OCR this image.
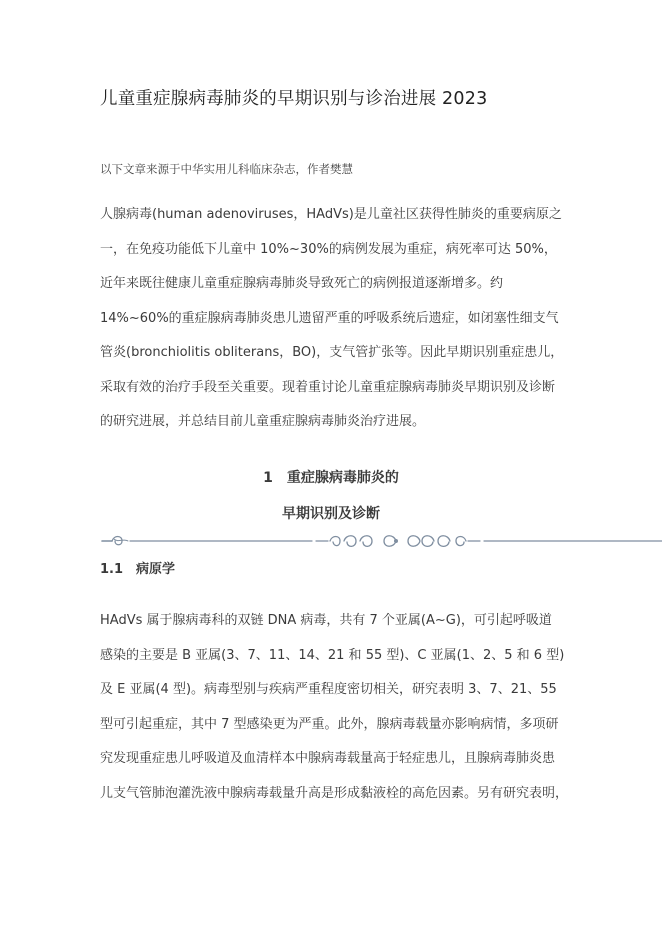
儿童重症腺病毒肺炎的早期识别与诊治进展 2023
以下文章来源于中华实用儿科临床杂志，作者樊慧
人腺病毒(human adenoviruses，HAdVs)是儿童社区获得性肺炎的重要病原之
一，在免疫功能低下儿童中 10%~30%的病例发展为重症，病死率可达 50%，
近年来既往健康儿童重症腺病毒肺炎导致死亡的病例报道逐渐增多。约
14%~60%的重症腺病毒肺炎患儿遗留严重的呼吸系统后遗症，如闭塞性细支气
管炎(bronchiolitis obliterans，BO)，支气管扩张等。因此早期识别重症患儿，
采取有效的治疗手段至关重要。现着重讨论儿童重症腺病毒肺炎早期识别及诊断
的研究进展，并总结目前儿童重症腺病毒肺炎治疗进展。
1　重症腺病毒肺炎的
早期识别及诊断
1.1　病原学
HAdVs 属于腺病毒科的双链 DNA 病毒，共有 7 个亚属(A~G)，可引起呼吸道
感染的主要是 B 亚属(3、7、11、14、21 和 55 型)、C 亚属(1、2、5 和 6 型)
及 E 亚属(4 型)。病毒型别与疾病严重程度密切相关，研究表明 3、7、21、55
型可引起重症，其中 7 型感染更为严重。此外，腺病毒载量亦影响病情，多项研
究发现重症患儿呼吸道及血清样本中腺病毒载量高于轻症患儿，且腺病毒肺炎患
儿支气管肺泡灌洗液中腺病毒载量升高是形成黏液栓的高危因素。另有研究表明，
